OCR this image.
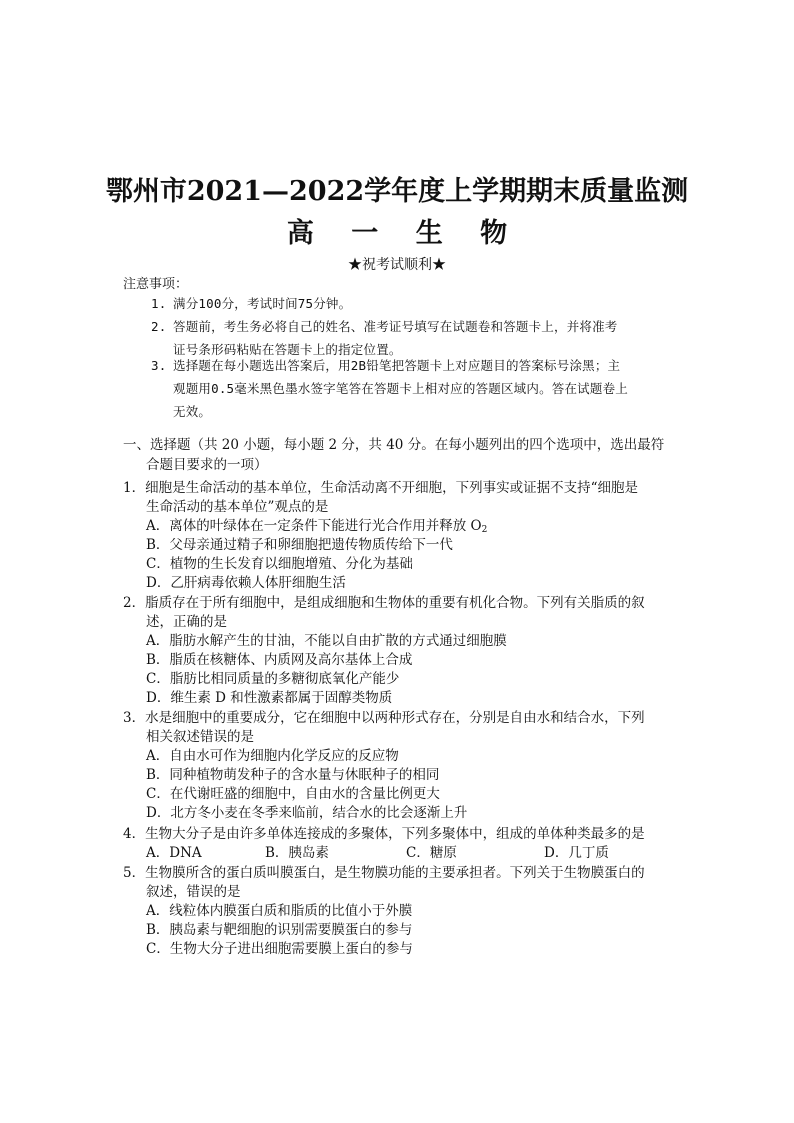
鄂州市2021—2022学年度上学期期末质量监测
高 一 生 物
★祝考试顺利★
注意事项：
1. 满分100分，考试时间75分钟。
2. 答题前，考生务必将自己的姓名、准考证号填写在试题卷和答题卡上，并将准考
证号条形码粘贴在答题卡上的指定位置。
3. 选择题在每小题选出答案后，用2B铅笔把答题卡上对应题目的答案标号涂黑；主
观题用0.5毫米黑色墨水签字笔答在答题卡上相对应的答题区域内。答在试题卷上
无效。
一、选择题（共 20 小题，每小题 2 分，共 40 分。在每小题列出的四个选项中，选出最符
合题目要求的一项）
1．细胞是生命活动的基本单位，生命活动离不开细胞，下列事实或证据不支持“细胞是
生命活动的基本单位”观点的是
A．离体的叶绿体在一定条件下能进行光合作用并释放 $O_2$
B．父母亲通过精子和卵细胞把遗传物质传给下一代
C．植物的生长发育以细胞增殖、分化为基础
D．乙肝病毒依赖人体肝细胞生活
2．脂质存在于所有细胞中，是组成细胞和生物体的重要有机化合物。下列有关脂质的叙
述，正确的是
A．脂肪水解产生的甘油，不能以自由扩散的方式通过细胞膜
B．脂质在核糖体、内质网及高尔基体上合成
C．脂肪比相同质量的多糖彻底氧化产能少
D．维生素 D 和性激素都属于固醇类物质
3．水是细胞中的重要成分，它在细胞中以两种形式存在，分别是自由水和结合水，下列
相关叙述错误的是
A．自由水可作为细胞内化学反应的反应物
B．同种植物萌发种子的含水量与休眠种子的相同
C．在代谢旺盛的细胞中，自由水的含量比例更大
D．北方冬小麦在冬季来临前，结合水的比会逐渐上升
4．生物大分子是由许多单体连接成的多聚体，下列多聚体中，组成的单体种类最多的是
A．DNA	B．胰岛素	C．糖原	D．几丁质
5．生物膜所含的蛋白质叫膜蛋白，是生物膜功能的主要承担者。下列关于生物膜蛋白的
叙述，错误的是
A．线粒体内膜蛋白质和脂质的比值小于外膜
B．胰岛素与靶细胞的识别需要膜蛋白的参与
C．生物大分子进出细胞需要膜上蛋白的参与
